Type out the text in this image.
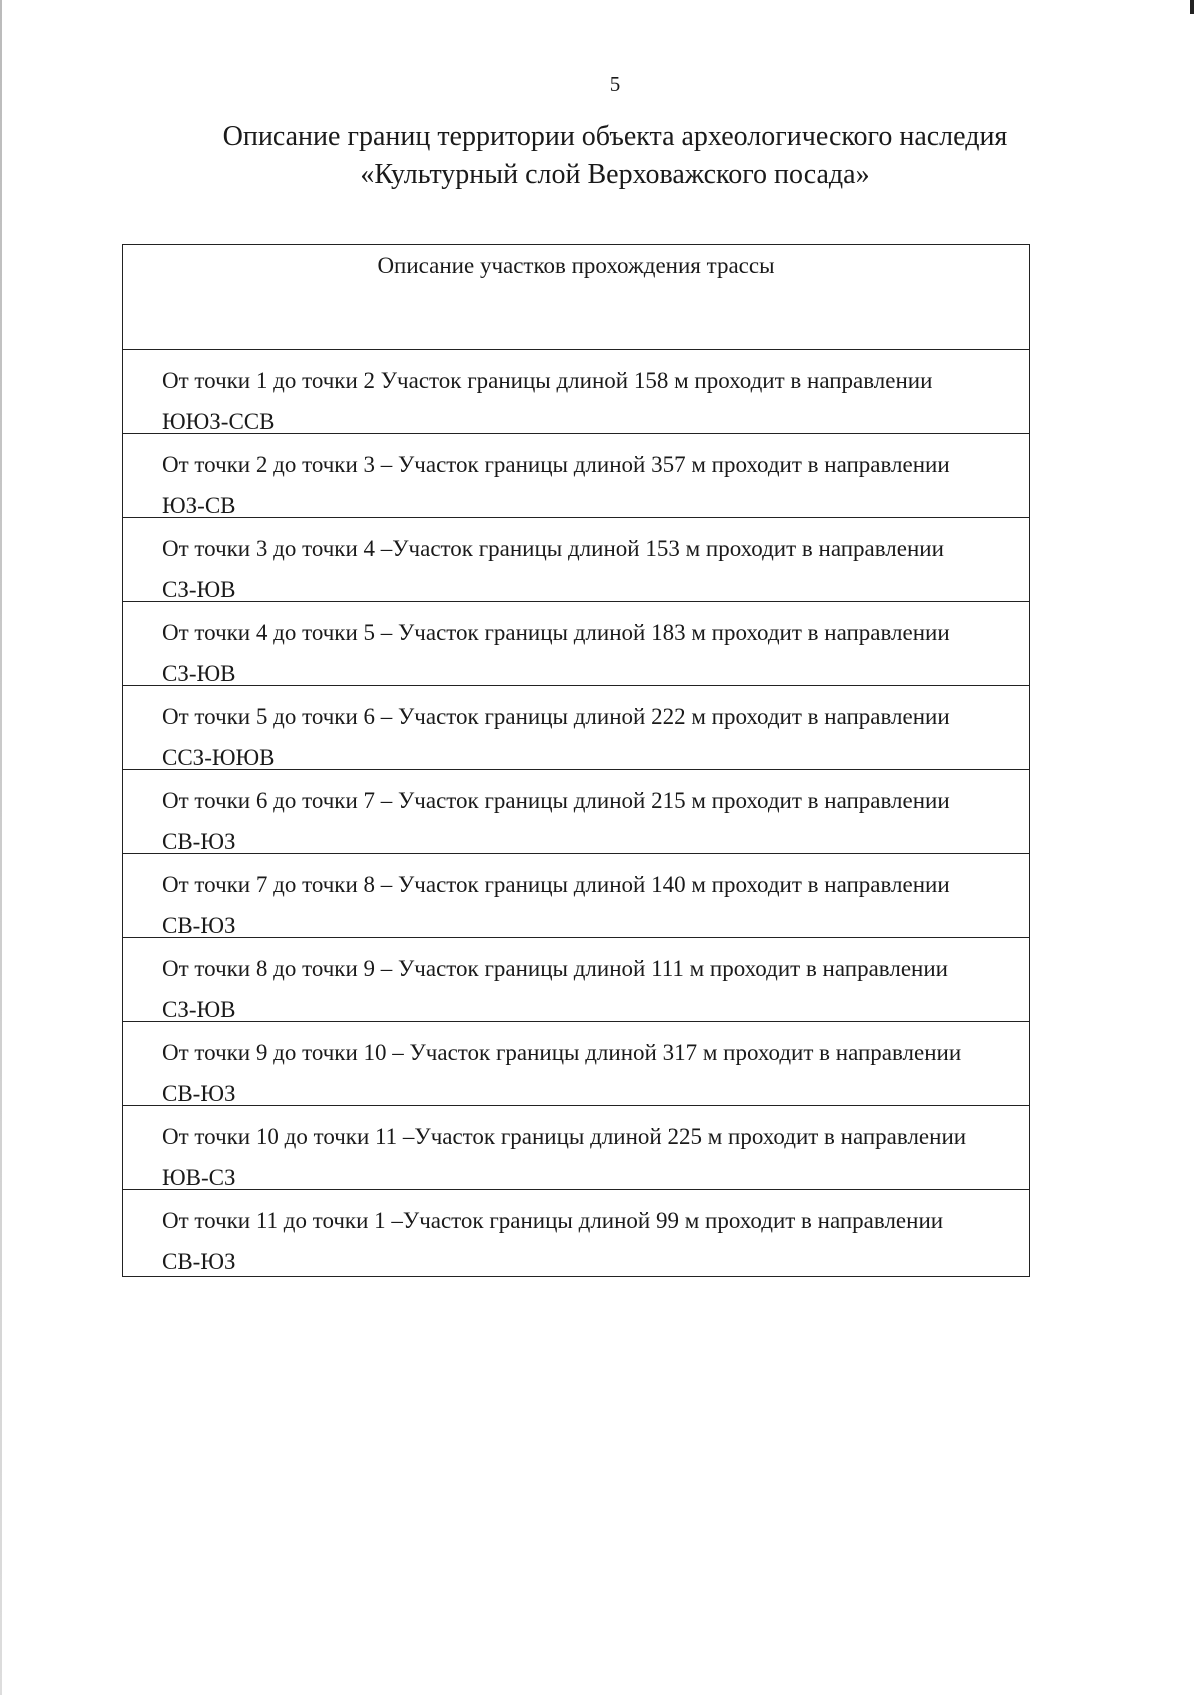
5
Описание границ территории объекта археологического наследия
«Культурный слой Верховажского посада»
Описание участков прохождения трассы
От точки 1 до точки 2 Участок границы длиной 158 м проходит в направлении
ЮЮЗ-ССВ
От точки 2 до точки 3 – Участок границы длиной 357 м проходит в направлении
ЮЗ-СВ
От точки 3 до точки 4 –Участок границы длиной 153 м проходит в направлении
СЗ-ЮВ
От точки 4 до точки 5 – Участок границы длиной 183 м проходит в направлении
СЗ-ЮВ
От точки 5 до точки 6 – Участок границы длиной 222 м проходит в направлении
ССЗ-ЮЮВ
От точки 6 до точки 7 – Участок границы длиной 215 м проходит в направлении
СВ-ЮЗ
От точки 7 до точки 8 – Участок границы длиной 140 м проходит в направлении
СВ-ЮЗ
От точки 8 до точки 9 – Участок границы длиной 111 м проходит в направлении
СЗ-ЮВ
От точки 9 до точки 10 – Участок границы длиной 317 м проходит в направлении
СВ-ЮЗ
От точки 10 до точки 11 –Участок границы длиной 225 м проходит в направлении
ЮВ-СЗ
От точки 11 до точки 1 –Участок границы длиной 99 м проходит в направлении
СВ-ЮЗ
